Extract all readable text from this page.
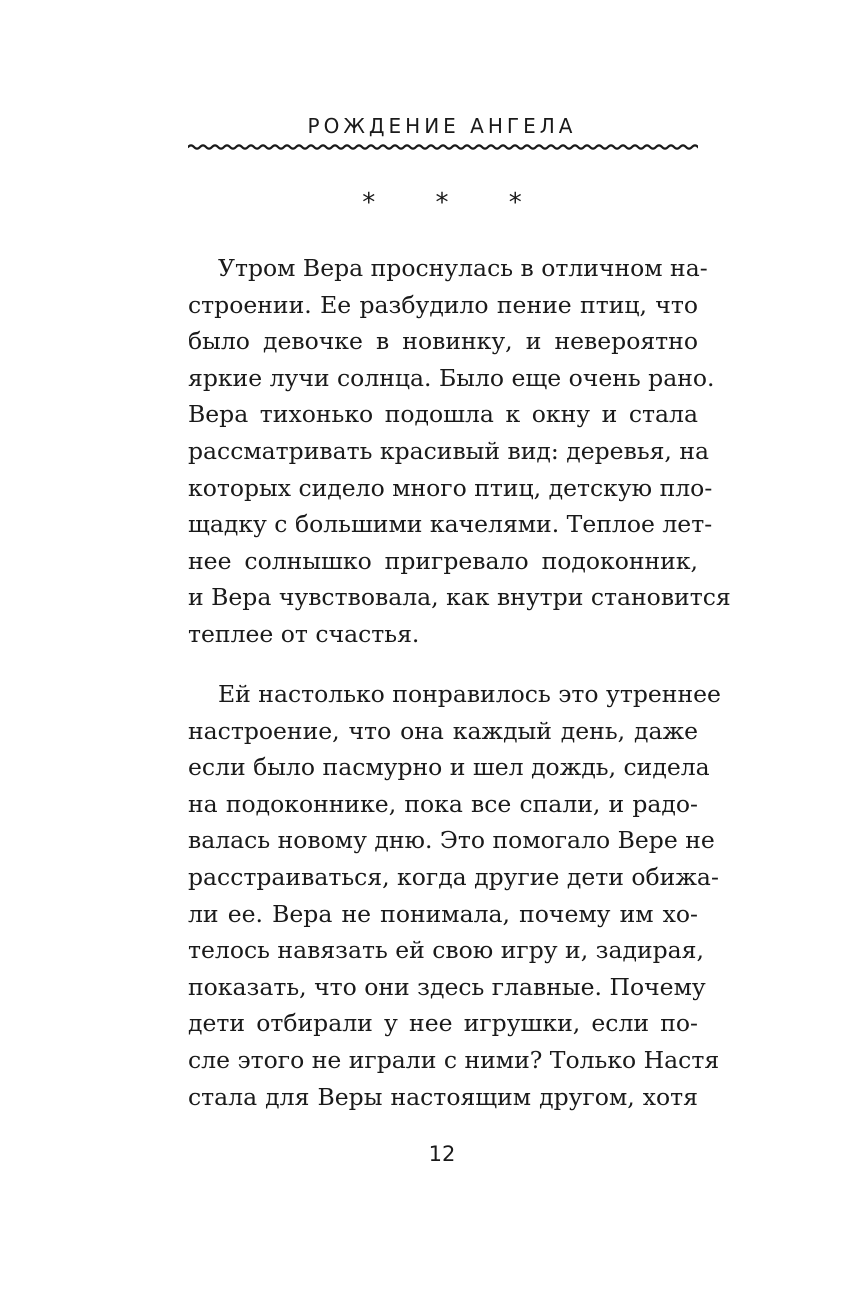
РОЖДЕНИЕ АНГЕЛА
* * *
Утром Вера проснулась в отличном на-
строении. Ее разбудило пение птиц, что
было девочке в новинку, и невероятно
яркие лучи солнца. Было еще очень рано.
Вера тихонько подошла к окну и стала
рассматривать красивый вид: деревья, на
которых сидело много птиц, детскую пло-
щадку с большими качелями. Теплое лет-
нее солнышко пригревало подоконник,
и Вера чувствовала, как внутри становится
теплее от счастья.
Ей настолько понравилось это утреннее
настроение, что она каждый день, даже
если было пасмурно и шел дождь, сидела
на подоконнике, пока все спали, и радо-
валась новому дню. Это помогало Вере не
расстраиваться, когда другие дети обижа-
ли ее. Вера не понимала, почему им хо-
телось навязать ей свою игру и, задирая,
показать, что они здесь главные. Почему
дети отбирали у нее игрушки, если по-
сле этого не играли с ними? Только Настя
стала для Веры настоящим другом, хотя
12
